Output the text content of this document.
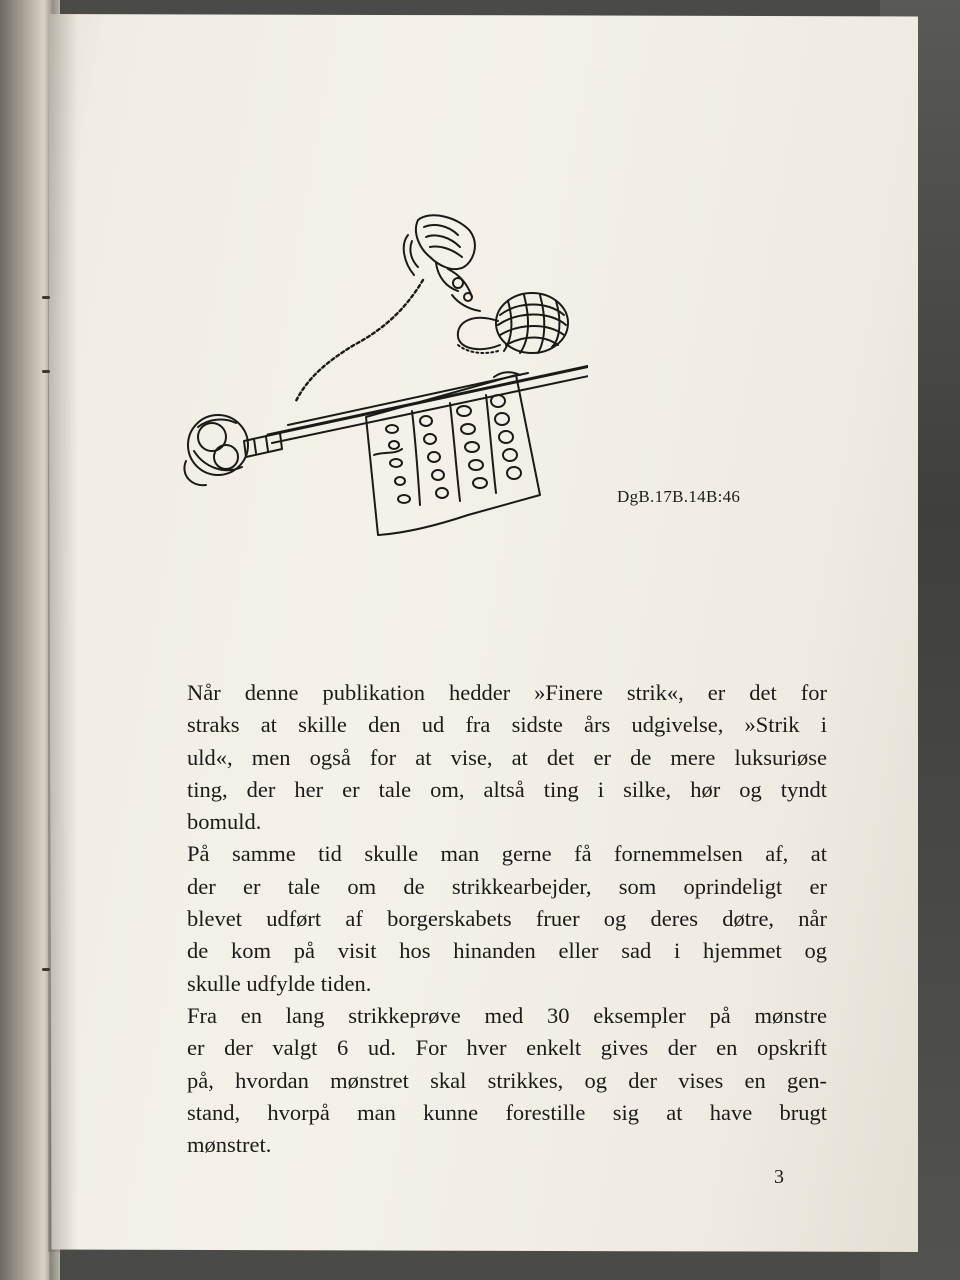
DgB.17B.14B:46
Når denne publikation hedder »Finere strik«, er det for
straks at skille den ud fra sidste års udgivelse, »Strik i
uld«, men også for at vise, at det er de mere luksuriøse
ting, der her er tale om, altså ting i silke, hør og tyndt
bomuld.
På samme tid skulle man gerne få fornemmelsen af, at
der er tale om de strikkearbejder, som oprindeligt er
blevet udført af borgerskabets fruer og deres døtre, når
de kom på visit hos hinanden eller sad i hjemmet og
skulle udfylde tiden.
Fra en lang strikkeprøve med 30 eksempler på mønstre
er der valgt 6 ud. For hver enkelt gives der en opskrift
på, hvordan mønstret skal strikkes, og der vises en gen-
stand, hvorpå man kunne forestille sig at have brugt
mønstret.
3
